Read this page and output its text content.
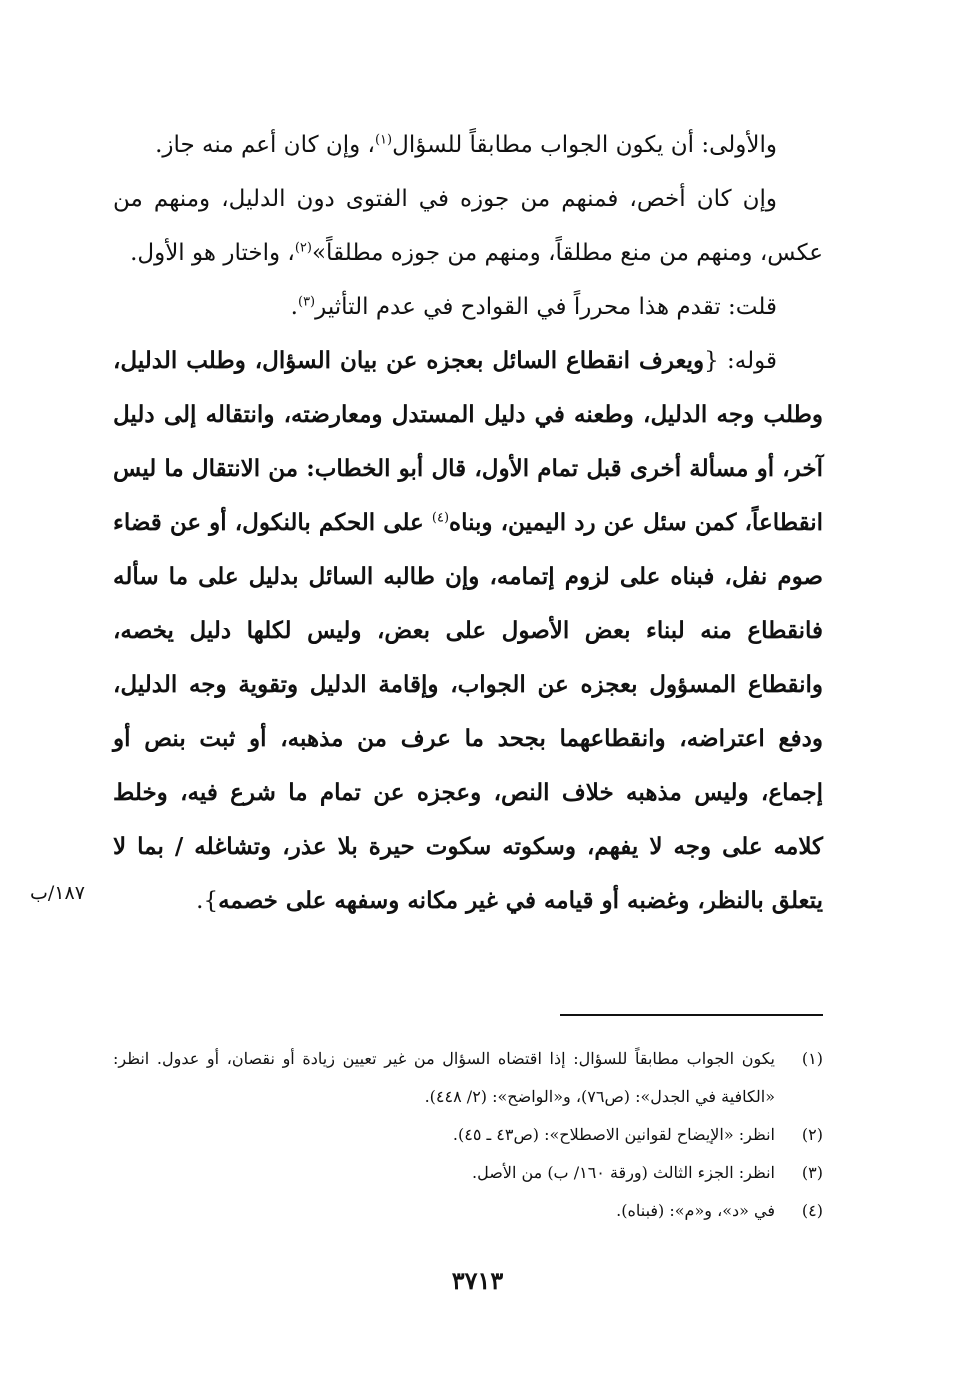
والأولى: أن يكون الجواب مطابقاً للسؤال$^{(١)}$، وإن كان أعم منه جاز.

وإن كان أخص، فمنهم من جوزه في الفتوى دون الدليل، ومنهم من عكس، ومنهم من منع مطلقاً، ومنهم من جوزه مطلقاً»$^{(٢)}$، واختار هو الأول.

قلت: تقدم هذا محرراً في القوادح في عدم التأثير$^{(٣)}$.

قوله: {ويعرف انقطاع السائل بعجزه عن بيان السؤال، وطلب الدليل، وطلب وجه الدليل، وطعنه في دليل المستدل ومعارضته، وانتقاله إلى دليل آخر، أو مسألة أخرى قبل تمام الأول، قال أبو الخطاب: من الانتقال ما ليس انقطاعاً، كمن سئل عن رد اليمين، وبناه$^{(٤)}$ على الحكم بالنكول، أو عن قضاء صوم نفل، فبناه على لزوم إتمامه، وإن طالبه السائل بدليل على ما سأله فانقطاع منه لبناء بعض الأصول على بعض، وليس لكلها دليل يخصه، وانقطاع المسؤول بعجزه عن الجواب، وإقامة الدليل وتقوية وجه الدليل، ودفع اعتراضه، وانقطاعهما بجحد ما عرف من مذهبه، أو ثبت بنص أو إجماع، وليس مذهبه خلاف النص، وعجزه عن تمام ما شرع فيه، وخلط كلامه على وجه لا يفهم، وسكوته سكوت حيرة بلا عذر، وتشاغله / بما لا يتعلق بالنظر، وغضبه أو قيامه في غير مكانه وسفهه على خصمه}.

١٨٧/ب
(١)
يكون الجواب مطابقاً للسؤال: إذا اقتضاه السؤال من غير تعيين زيادة أو نقصان، أو عدول. انظر: «الكافية في الجدل»: (ص٧٦)، و«الواضح»: (٢/ ٤٤٨).
(٢)
انظر: «الإيضاح لقوانين الاصطلاح»: (ص٤٣ ـ ٤٥).
(٣)
انظر: الجزء الثالث (ورقة ١٦٠/ ب) من الأصل.
(٤)
في «د»، و«م»: (فبناه).
٣٧١٣
